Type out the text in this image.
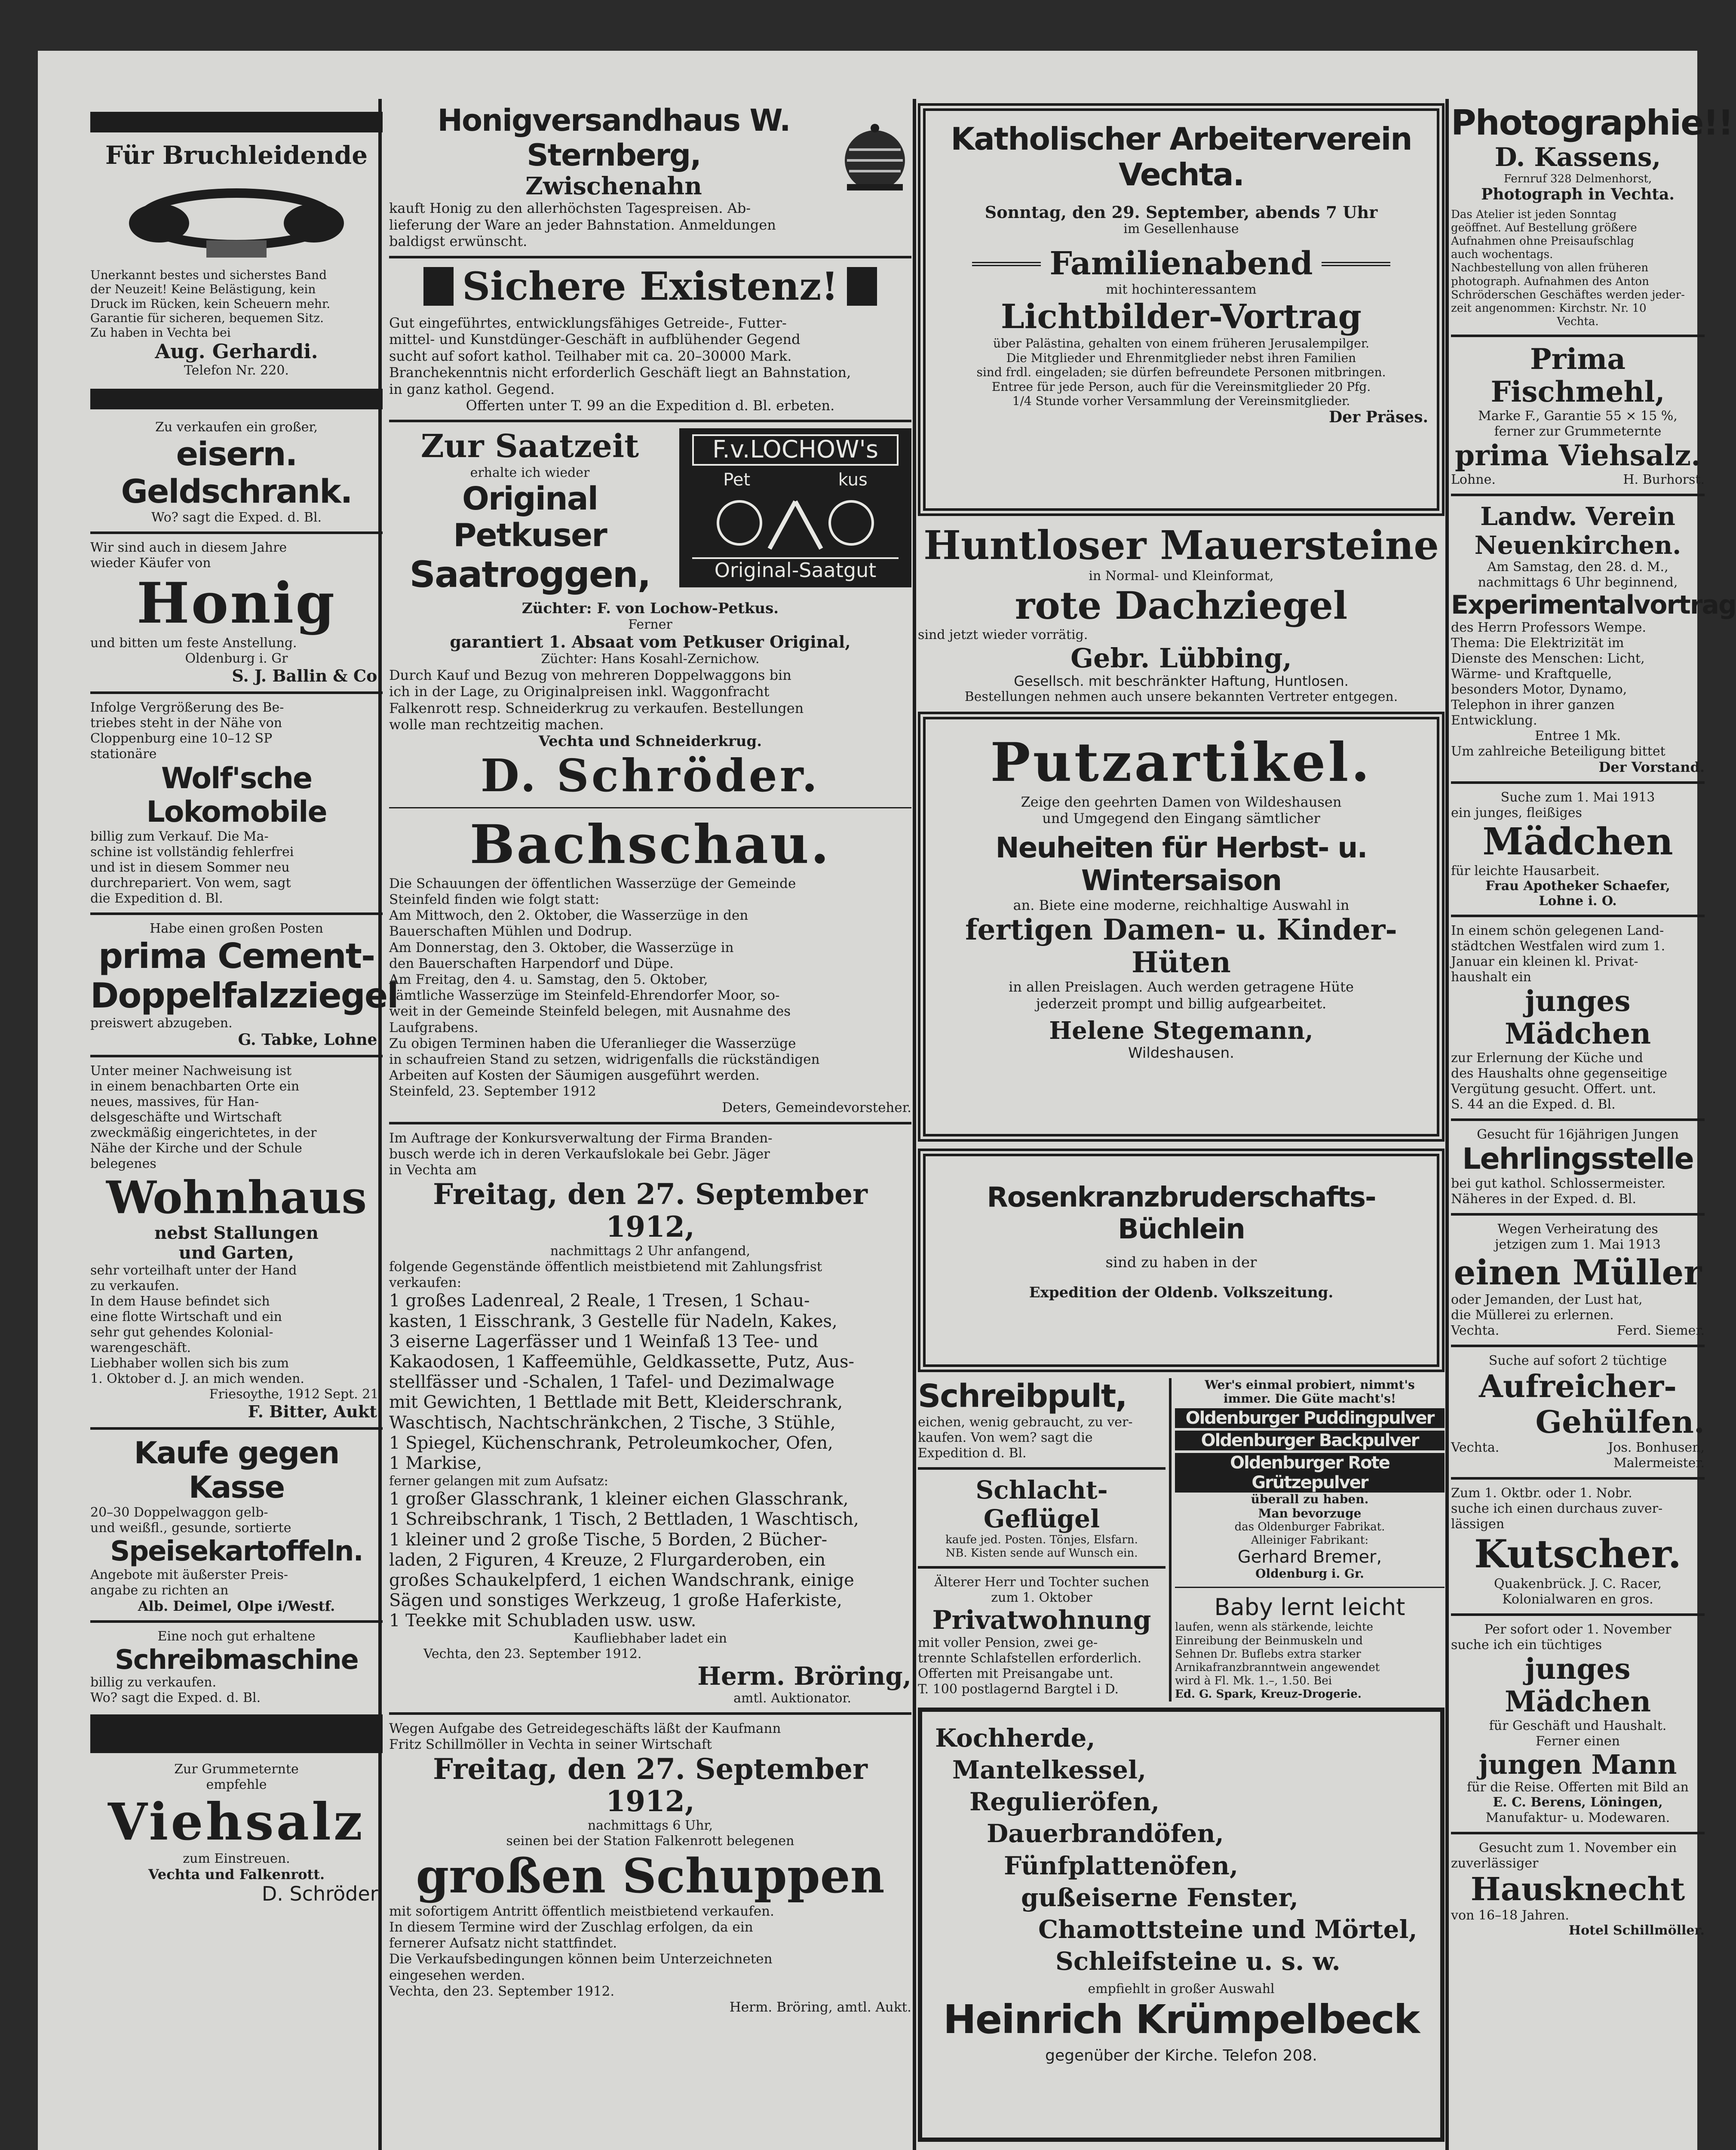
Für Bruchleidende
Unerkannt bestes und sicherstes Band
der Neuzeit! Keine Belästigung, kein
Druck im Rücken, kein Scheuern mehr.
Garantie für sicheren, bequemen Sitz.
Zu haben in Vechta bei
Aug. Gerhardi.
Telefon Nr. 220.
Zu verkaufen ein großer,
eisern. Geldschrank.
Wo? sagt die Exped. d. Bl.
Wir sind auch in diesem Jahre
wieder Käufer von
Honig
und bitten um feste Anstellung.
Oldenburg i. Gr
S. J. Ballin & Co.
Infolge Vergrößerung des Be-
triebes steht in der Nähe von
Cloppenburg eine 10–12 SP
stationäre
Wolf'sche Lokomobile
billig zum Verkauf. Die Ma-
schine ist vollständig fehlerfrei
und ist in diesem Sommer neu
durchrepariert. Von wem, sagt
die Expedition d. Bl.
Habe einen großen Posten
prima Cement-
Doppelfalzziegel
preiswert abzugeben.
G. Tabke, Lohne.
Unter meiner Nachweisung ist
in einem benachbarten Orte ein
neues, massives, für Han-
delsgeschäfte und Wirtschaft
zweckmäßig eingerichtetes, in der
Nähe der Kirche und der Schule
belegenes
Wohnhaus
nebst Stallungen
und Garten,
sehr vorteilhaft unter der Hand
zu verkaufen.
In dem Hause befindet sich
eine flotte Wirtschaft und ein
sehr gut gehendes Kolonial-
warengeschäft.
Liebhaber wollen sich bis zum
1. Oktober d. J. an mich wenden.
Friesoythe, 1912 Sept. 21.
F. Bitter, Aukt.
Kaufe gegen Kasse
20–30 Doppelwaggon gelb-
und weißfl., gesunde, sortierte
Speisekartoffeln.
Angebote mit äußerster Preis-
angabe zu richten an
Alb. Deimel, Olpe i/Westf.
Eine noch gut erhaltene
Schreibmaschine
billig zu verkaufen.
Wo? sagt die Exped. d. Bl.
Zur Grummeternte
empfehle
Viehsalz
zum Einstreuen.
Vechta und Falkenrott.
D. Schröder.
Honigversandhaus W. Sternberg,
Zwischenahn
kauft Honig zu den allerhöchsten Tagespreisen. Ab-
lieferung der Ware an jeder Bahnstation. Anmeldungen
baldigst erwünscht.
Sichere Existenz!
Gut eingeführtes, entwicklungsfähiges Getreide-, Futter-
mittel- und Kunstdünger-Geschäft in aufblühender Gegend
sucht auf sofort kathol. Teilhaber mit ca. 20–30000 Mark.
Branchekenntnis nicht erforderlich Geschäft liegt an Bahnstation,
in ganz kathol. Gegend.
Offerten unter T. 99 an die Expedition d. Bl. erbeten.
Zur Saatzeit
erhalte ich wieder
Original Petkuser
Saatroggen,
F.v.LOCHOW's
Pet	kus
Original-Saatgut
Züchter: F. von Lochow-Petkus.
Ferner
garantiert 1. Absaat vom Petkuser Original,
Züchter: Hans Kosahl-Zernichow.
Durch Kauf und Bezug von mehreren Doppelwaggons bin
ich in der Lage, zu Originalpreisen inkl. Waggonfracht
Falkenrott resp. Schneiderkrug zu verkaufen. Bestellungen
wolle man rechtzeitig machen.
Vechta und Schneiderkrug.
D. Schröder.
Bachschau.
Die Schauungen der öffentlichen Wasserzüge der Gemeinde
Steinfeld finden wie folgt statt:
Am Mittwoch, den 2. Oktober, die Wasserzüge in den
Bauerschaften Mühlen und Dodrup.
Am Donnerstag, den 3. Oktober, die Wasserzüge in
den Bauerschaften Harpendorf und Düpe.
Am Freitag, den 4. u. Samstag, den 5. Oktober,
sämtliche Wasserzüge im Steinfeld-Ehrendorfer Moor, so-
weit in der Gemeinde Steinfeld belegen, mit Ausnahme des
Laufgrabens.
Zu obigen Terminen haben die Uferanlieger die Wasserzüge
in schaufreien Stand zu setzen, widrigenfalls die rückständigen
Arbeiten auf Kosten der Säumigen ausgeführt werden.
Steinfeld, 23. September 1912
Deters, Gemeindevorsteher.
Im Auftrage der Konkursverwaltung der Firma Branden-
busch werde ich in deren Verkaufslokale bei Gebr. Jäger
in Vechta am
Freitag, den 27. September 1912,
nachmittags 2 Uhr anfangend,
folgende Gegenstände öffentlich meistbietend mit Zahlungsfrist
verkaufen:
1 großes Ladenreal, 2 Reale, 1 Tresen, 1 Schau-
kasten, 1 Eisschrank, 3 Gestelle für Nadeln, Kakes,
3 eiserne Lagerfässer und 1 Weinfaß 13 Tee- und
Kakaodosen, 1 Kaffeemühle, Geldkassette, Putz, Aus-
stellfässer und -Schalen, 1 Tafel- und Dezimalwage
mit Gewichten, 1 Bettlade mit Bett, Kleiderschrank,
Waschtisch, Nachtschränkchen, 2 Tische, 3 Stühle,
1 Spiegel, Küchenschrank, Petroleumkocher, Ofen,
1 Markise,
ferner gelangen mit zum Aufsatz:
1 großer Glasschrank, 1 kleiner eichen Glasschrank,
1 Schreibschrank, 1 Tisch, 2 Bettladen, 1 Waschtisch,
1 kleiner und 2 große Tische, 5 Borden, 2 Bücher-
laden, 2 Figuren, 4 Kreuze, 2 Flurgarderoben, ein
großes Schaukelpferd, 1 eichen Wandschrank, einige
Sägen und sonstiges Werkzeug, 1 große Haferkiste,
1 Teekke mit Schubladen usw. usw.
Kaufliebhaber ladet ein
Vechta, den 23. September 1912.
Herm. Bröring,
amtl. Auktionator.
Wegen Aufgabe des Getreidegeschäfts läßt der Kaufmann
Fritz Schillmöller in Vechta in seiner Wirtschaft
Freitag, den 27. September 1912,
nachmittags 6 Uhr,
seinen bei der Station Falkenrott belegenen
großen Schuppen
mit sofortigem Antritt öffentlich meistbietend verkaufen.
In diesem Termine wird der Zuschlag erfolgen, da ein
fernerer Aufsatz nicht stattfindet.
Die Verkaufsbedingungen können beim Unterzeichneten
eingesehen werden.
Vechta, den 23. September 1912.
Herm. Bröring, amtl. Aukt.
Katholischer Arbeiterverein Vechta.
Sonntag, den 29. September, abends 7 Uhr
im Gesellenhause
Familienabend
mit hochinteressantem
Lichtbilder-Vortrag
über Palästina, gehalten von einem früheren Jerusalempilger.
Die Mitglieder und Ehrenmitglieder nebst ihren Familien
sind frdl. eingeladen; sie dürfen befreundete Personen mitbringen.
Entree für jede Person, auch für die Vereinsmitglieder 20 Pfg.
1/4 Stunde vorher Versammlung der Vereinsmitglieder.
Der Präses.
Huntloser Mauersteine
in Normal- und Kleinformat,
rote Dachziegel
sind jetzt wieder vorrätig.
Gebr. Lübbing,
Gesellsch. mit beschränkter Haftung, Huntlosen.
Bestellungen nehmen auch unsere bekannten Vertreter entgegen.
Putzartikel.
Zeige den geehrten Damen von Wildeshausen
und Umgegend den Eingang sämtlicher
Neuheiten für Herbst- u. Wintersaison
an. Biete eine moderne, reichhaltige Auswahl in
fertigen Damen- u. Kinder-Hüten
in allen Preislagen. Auch werden getragene Hüte
jederzeit prompt und billig aufgearbeitet.
Helene Stegemann,
Wildeshausen.
Rosenkranzbruderschafts-Büchlein
sind zu haben in der
Expedition der Oldenb. Volkszeitung.
Schreibpult,
eichen, wenig gebraucht, zu ver-
kaufen. Von wem? sagt die
Expedition d. Bl.
Schlacht-Geflügel
kaufe jed. Posten. Tönjes, Elsfarn.
NB. Kisten sende auf Wunsch ein.
Älterer Herr und Tochter suchen
zum 1. Oktober
Privatwohnung
mit voller Pension, zwei ge-
trennte Schlafstellen erforderlich.
Offerten mit Preisangabe unt.
T. 100 postlagernd Bargtel i D.
Wer's einmal probiert, nimmt's
immer. Die Güte macht's!
Oldenburger Puddingpulver
Oldenburger Backpulver
Oldenburger Rote Grützepulver
überall zu haben.
Man bevorzuge
das Oldenburger Fabrikat.
Alleiniger Fabrikant:
Gerhard Bremer,
Oldenburg i. Gr.
Baby lernt leicht
laufen, wenn als stärkende, leichte
Einreibung der Beinmuskeln und
Sehnen Dr. Buflebs extra starker
Arnikafranzbranntwein angewendet
wird à Fl. Mk. 1.–, 1.50. Bei
Ed. G. Spark, Kreuz-Drogerie.
Kochherde,
Mantelkessel,
Regulieröfen,
Dauerbrandöfen,
Fünfplattenöfen,
gußeiserne Fenster,
Chamottsteine und Mörtel,
Schleifsteine u. s. w.
empfiehlt in großer Auswahl
Heinrich Krümpelbeck
gegenüber der Kirche. Telefon 208.
Photographie!!
D. Kassens,
Fernruf 328 Delmenhorst,
Photograph in Vechta.
Das Atelier ist jeden Sonntag
geöffnet. Auf Bestellung größere
Aufnahmen ohne Preisaufschlag
auch wochentags.
Nachbestellung von allen früheren
photograph. Aufnahmen des Anton
Schröderschen Geschäftes werden jeder-
zeit angenommen: Kirchstr. Nr. 10
Vechta.
Prima Fischmehl,
Marke F., Garantie 55 × 15 %,
ferner zur Grummeternte
prima Viehsalz.
Lohne.	H. Burhorst.
Landw. Verein
Neuenkirchen.
Am Samstag, den 28. d. M.,
nachmittags 6 Uhr beginnend,
Experimentalvortrag
des Herrn Professors Wempe.
Thema: Die Elektrizität im
Dienste des Menschen: Licht,
Wärme- und Kraftquelle,
besonders Motor, Dynamo,
Telephon in ihrer ganzen
Entwicklung.
Entree 1 Mk.
Um zahlreiche Beteiligung bittet
Der Vorstand.
Suche zum 1. Mai 1913
ein junges, fleißiges
Mädchen
für leichte Hausarbeit.
Frau Apotheker Schaefer,
Lohne i. O.
In einem schön gelegenen Land-
städtchen Westfalen wird zum 1.
Januar ein kleinen kl. Privat-
haushalt ein
junges Mädchen
zur Erlernung der Küche und
des Haushalts ohne gegenseitige
Vergütung gesucht. Offert. unt.
S. 44 an die Exped. d. Bl.
Gesucht für 16jährigen Jungen
Lehrlingsstelle
bei gut kathol. Schlossermeister.
Näheres in der Exped. d. Bl.
Wegen Verheiratung des
jetzigen zum 1. Mai 1913
einen Müller
oder Jemanden, der Lust hat,
die Müllerei zu erlernen.
Vechta.	Ferd. Siemer.
Suche auf sofort 2 tüchtige
Aufreicher-
Gehülfen.
Vechta.	Jos. Bonhusen,
Malermeister.
Zum 1. Oktbr. oder 1. Nobr.
suche ich einen durchaus zuver-
lässigen
Kutscher.
Quakenbrück. J. C. Racer,
Kolonialwaren en gros.
Per sofort oder 1. November
suche ich ein tüchtiges
junges Mädchen
für Geschäft und Haushalt.
Ferner einen
jungen Mann
für die Reise. Offerten mit Bild an
E. C. Berens, Löningen,
Manufaktur- u. Modewaren.
Gesucht zum 1. November ein
zuverlässiger
Hausknecht
von 16–18 Jahren.
Hotel Schillmöller.
